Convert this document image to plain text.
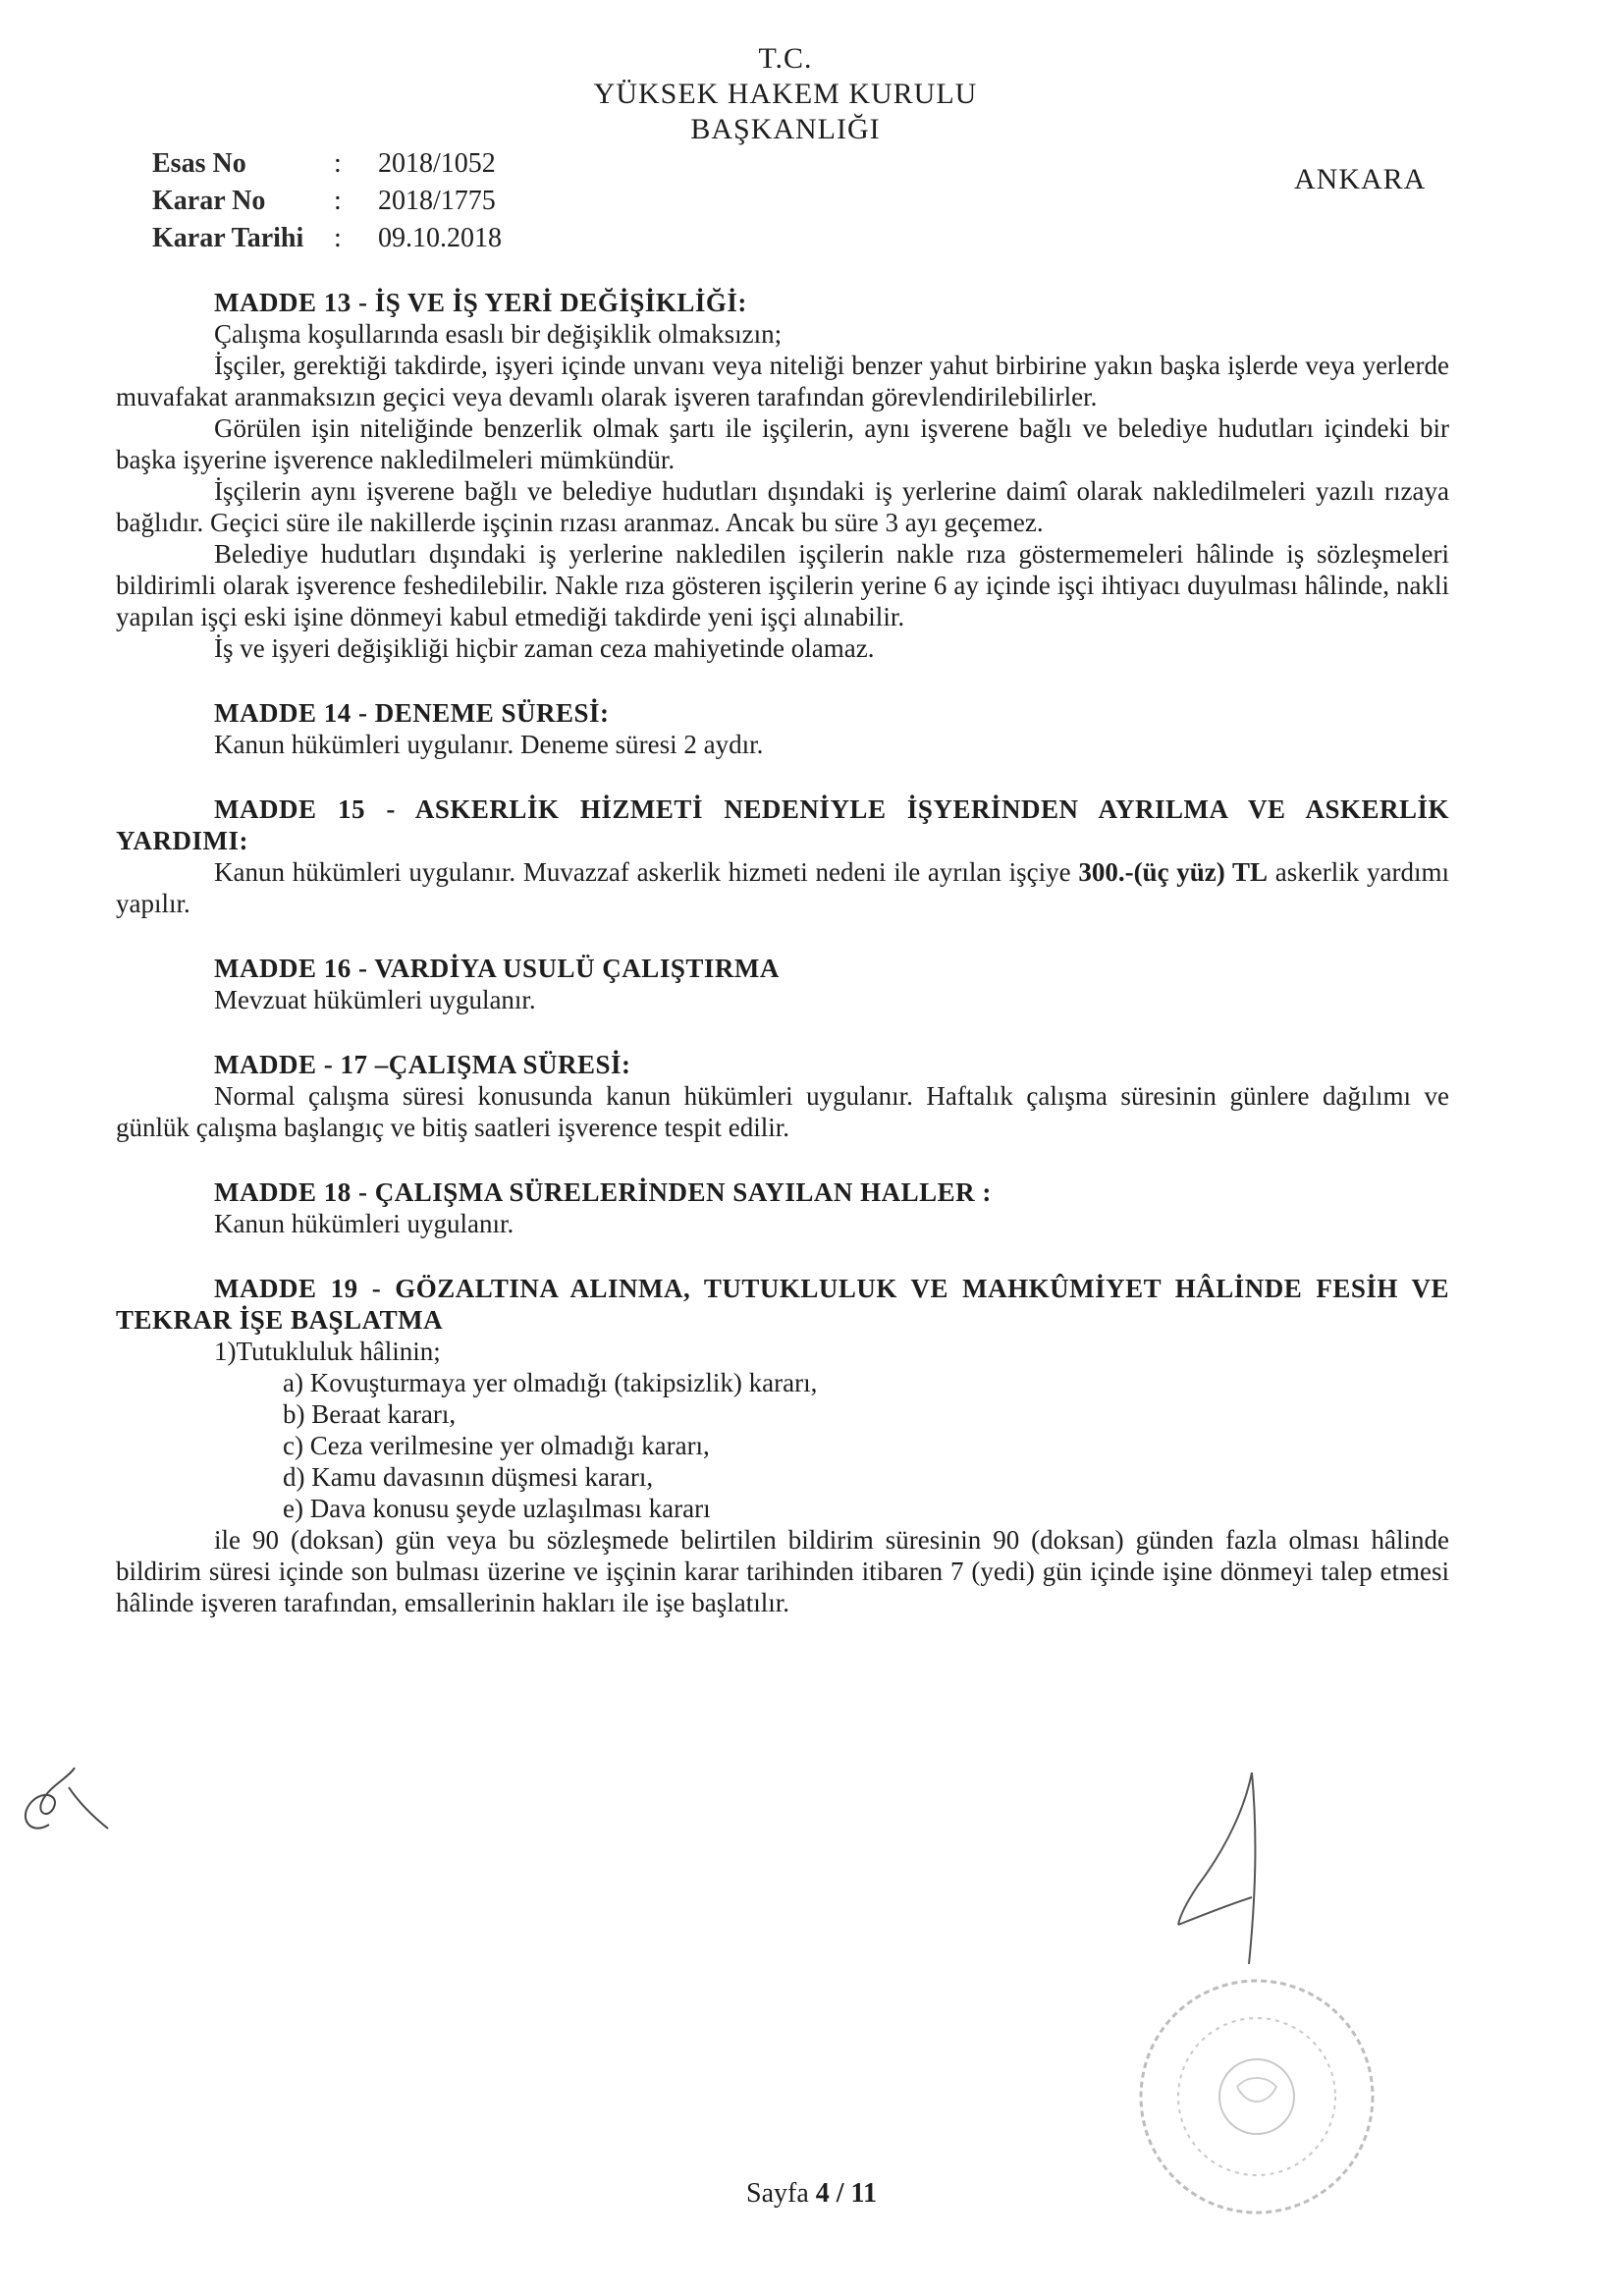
T.C.
YÜKSEK HAKEM KURULU
BAŞKANLIĞI
Esas No	:	2018/1052
Karar No	:	2018/1775
Karar Tarihi	:	09.10.2018
ANKARA
MADDE 13 - İŞ VE İŞ YERİ DEĞİŞİKLİĞİ:
Çalışma koşullarında esaslı bir değişiklik olmaksızın;

İşçiler, gerektiği takdirde, işyeri içinde unvanı veya niteliği benzer yahut birbirine yakın başka işlerde veya yerlerde muvafakat aranmaksızın geçici veya devamlı olarak işveren tarafından görevlendirilebilirler.

Görülen işin niteliğinde benzerlik olmak şartı ile işçilerin, aynı işverene bağlı ve belediye hudutları içindeki bir başka işyerine işverence nakledilmeleri mümkündür.

İşçilerin aynı işverene bağlı ve belediye hudutları dışındaki iş yerlerine daimî olarak nakledilmeleri yazılı rızaya bağlıdır. Geçici süre ile nakillerde işçinin rızası aranmaz. Ancak bu süre 3 ayı geçemez.

Belediye hudutları dışındaki iş yerlerine nakledilen işçilerin nakle rıza göstermemeleri hâlinde iş sözleşmeleri bildirimli olarak işverence feshedilebilir. Nakle rıza gösteren işçilerin yerine 6 ay içinde işçi ihtiyacı duyulması hâlinde, nakli yapılan işçi eski işine dönmeyi kabul etmediği takdirde yeni işçi alınabilir.

İş ve işyeri değişikliği hiçbir zaman ceza mahiyetinde olamaz.
MADDE 14 - DENEME SÜRESİ:
Kanun hükümleri uygulanır. Deneme süresi 2 aydır.
MADDE 15 - ASKERLİK HİZMETİ NEDENİYLE İŞYERİNDEN AYRILMA VE ASKERLİK YARDIMI:

Kanun hükümleri uygulanır. Muvazzaf askerlik hizmeti nedeni ile ayrılan işçiye 300.-(üç yüz) TL askerlik yardımı yapılır.

MADDE 16 - VARDİYA USULÜ ÇALIŞTIRMA
Mevzuat hükümleri uygulanır.
MADDE - 17 –ÇALIŞMA SÜRESİ:

Normal çalışma süresi konusunda kanun hükümleri uygulanır. Haftalık çalışma süresinin günlere dağılımı ve günlük çalışma başlangıç ve bitiş saatleri işverence tespit edilir.

MADDE 18 - ÇALIŞMA SÜRELERİNDEN SAYILAN HALLER :
Kanun hükümleri uygulanır.
MADDE 19 - GÖZALTINA ALINMA, TUTUKLULUK VE MAHKÛMİYET HÂLİNDE FESİH VE TEKRAR İŞE BAŞLATMA
1)Tutukluluk hâlinin;
a) Kovuşturmaya yer olmadığı (takipsizlik) kararı,
b) Beraat kararı,
c) Ceza verilmesine yer olmadığı kararı,
d) Kamu davasının düşmesi kararı,
e) Dava konusu şeyde uzlaşılması kararı

ile 90 (doksan) gün veya bu sözleşmede belirtilen bildirim süresinin 90 (doksan) günden fazla olması hâlinde bildirim süresi içinde son bulması üzerine ve işçinin karar tarihinden itibaren 7 (yedi) gün içinde işine dönmeyi talep etmesi hâlinde işveren tarafından, emsallerinin hakları ile işe başlatılır.

Sayfa 4 / 11
